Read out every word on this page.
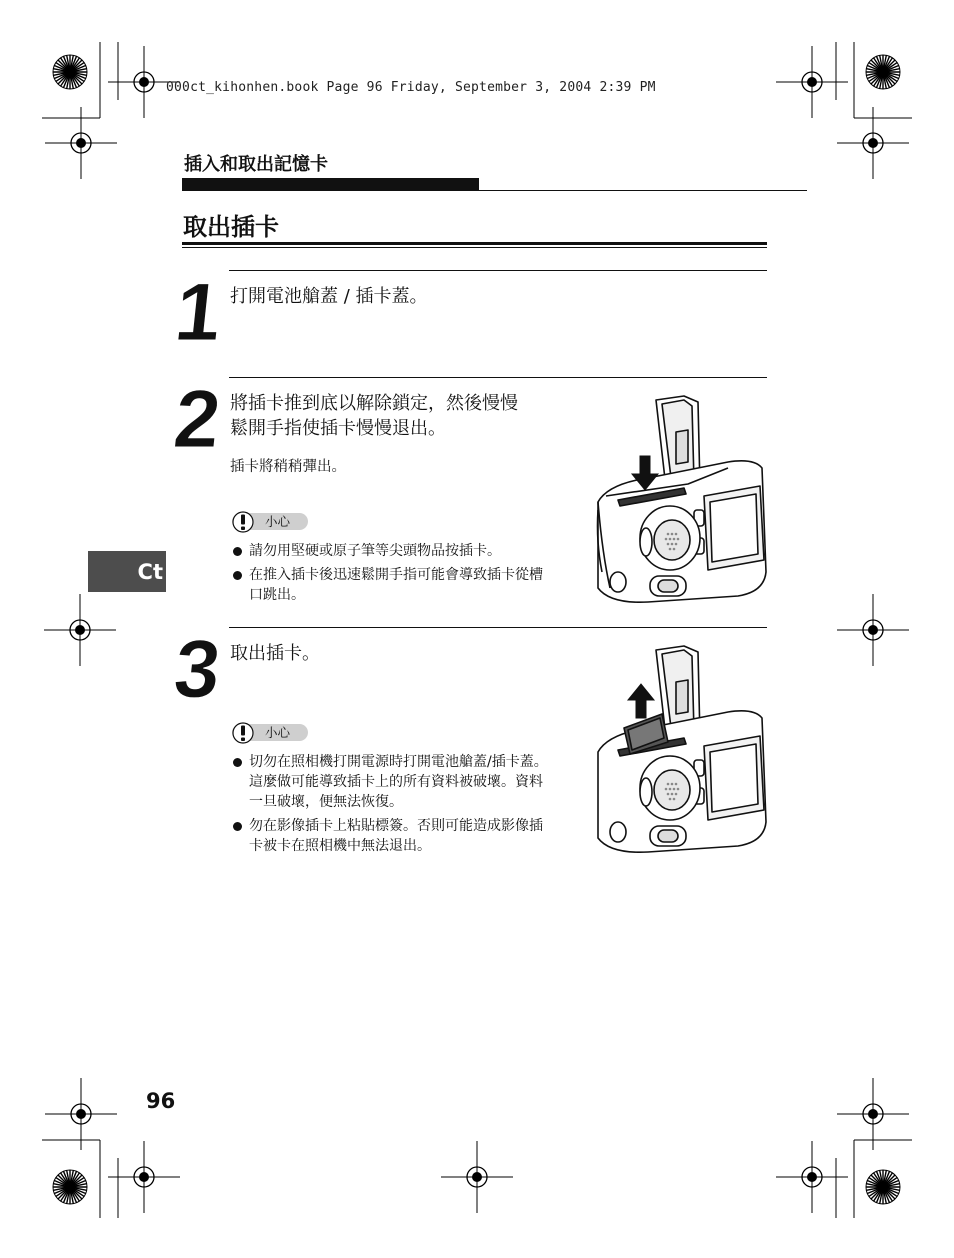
000ct_kihonhen.book Page 96 Friday, September 3, 2004 2:39 PM
插入和取出記憶卡
取出插卡
1 打開電池艙蓋 / 插卡蓋。
2 將插卡推到底以解除鎖定，然後慢慢
鬆開手指使插卡慢慢退出。
插卡將稍稍彈出。
小心
請勿用堅硬或原子筆等尖頭物品按插卡。
在推入插卡後迅速鬆開手指可能會導致插卡從槽口跳出。
3 取出插卡。
小心
切勿在照相機打開電源時打開電池艙蓋/插卡蓋。這麼做可能導致插卡上的所有資料被破壞。資料一旦破壞，便無法恢復。
勿在影像插卡上粘貼標簽。否則可能造成影像插卡被卡在照相機中無法退出。
Ct
96
